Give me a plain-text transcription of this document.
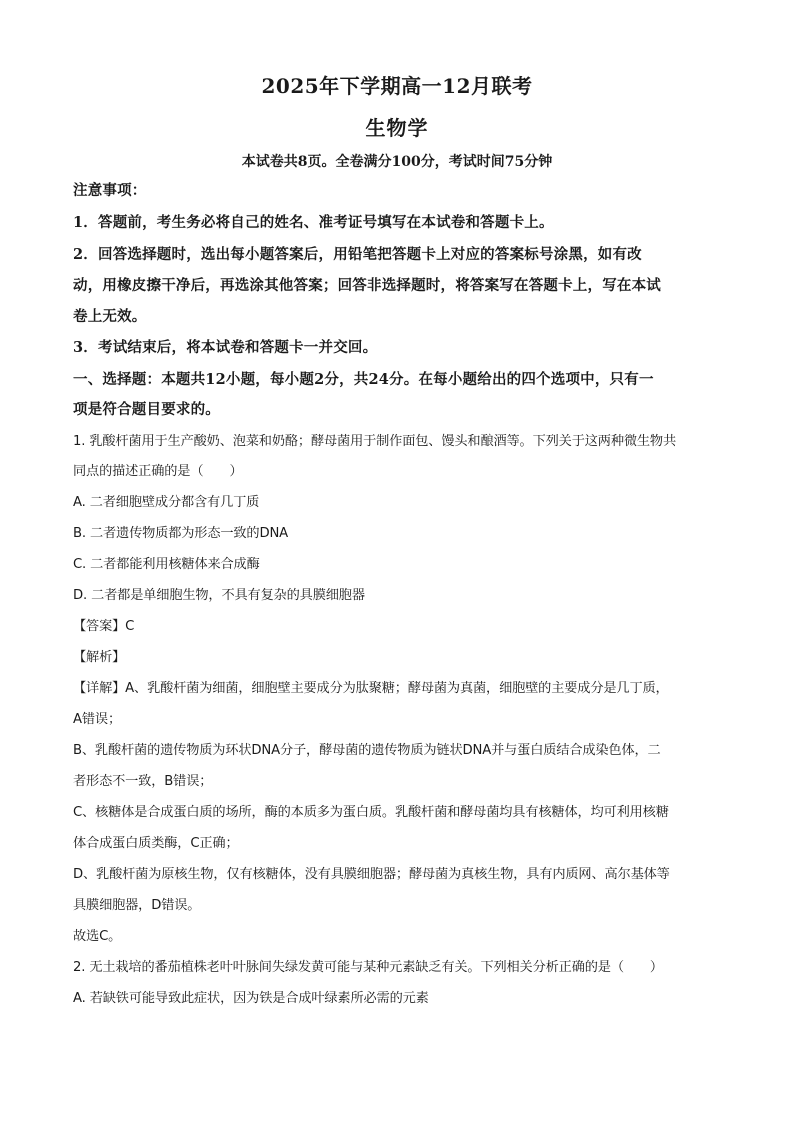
2025年下学期高一12月联考
生物学
本试卷共8页。全卷满分100分，考试时间75分钟
注意事项：
1．答题前，考生务必将自己的姓名、准考证号填写在本试卷和答题卡上。
2．回答选择题时，选出每小题答案后，用铅笔把答题卡上对应的答案标号涂黑，如有改
动，用橡皮擦干净后，再选涂其他答案；回答非选择题时，将答案写在答题卡上，写在本试
卷上无效。
3．考试结束后，将本试卷和答题卡一并交回。
一、选择题：本题共12小题，每小题2分，共24分。在每小题给出的四个选项中，只有一
项是符合题目要求的。
1. 乳酸杆菌用于生产酸奶、泡菜和奶酪；酵母菌用于制作面包、馒头和酿酒等。下列关于这两种微生物共
同点的描述正确的是（　　）
A. 二者细胞壁成分都含有几丁质
B. 二者遗传物质都为形态一致的DNA
C. 二者都能利用核糖体来合成酶
D. 二者都是单细胞生物，不具有复杂的具膜细胞器
【答案】C
【解析】
【详解】A、乳酸杆菌为细菌，细胞壁主要成分为肽聚糖；酵母菌为真菌，细胞壁的主要成分是几丁质，
A错误；
B、乳酸杆菌的遗传物质为环状DNA分子，酵母菌的遗传物质为链状DNA并与蛋白质结合成染色体，二
者形态不一致，B错误；
C、核糖体是合成蛋白质的场所，酶的本质多为蛋白质。乳酸杆菌和酵母菌均具有核糖体，均可利用核糖
体合成蛋白质类酶，C正确；
D、乳酸杆菌为原核生物，仅有核糖体，没有具膜细胞器；酵母菌为真核生物，具有内质网、高尔基体等
具膜细胞器，D错误。
故选C。
2. 无土栽培的番茄植株老叶叶脉间失绿发黄可能与某种元素缺乏有关。下列相关分析正确的是（　　）
A. 若缺铁可能导致此症状，因为铁是合成叶绿素所必需的元素
